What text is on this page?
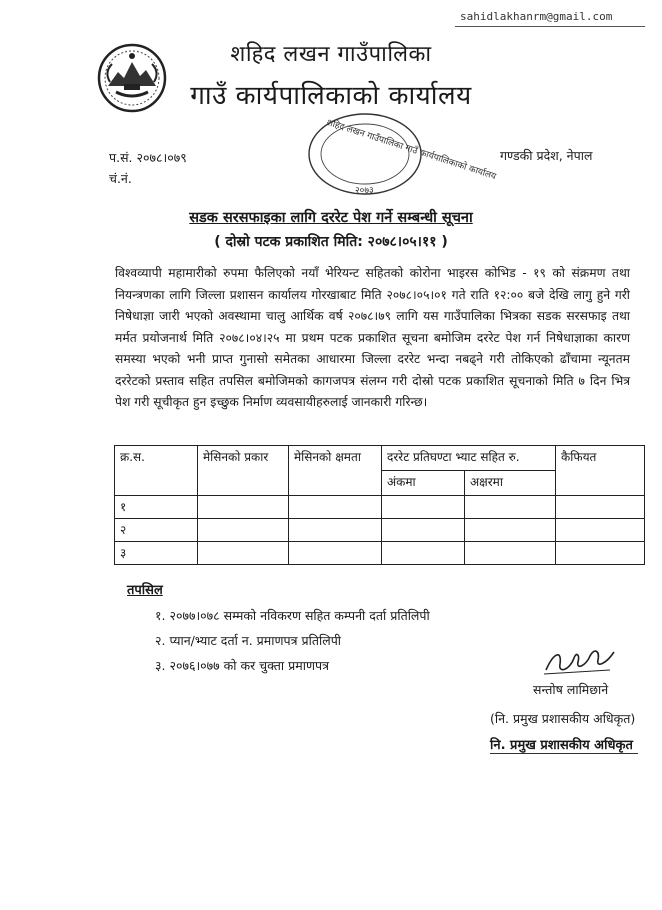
sahidlakhanrm@gmail.com
शहिद लखन गाउँपालिका
गाउँ कार्यपालिकाको कार्यालय
शहिद लखन गाउँपालिका गाउँ कार्यपालिकाको कार्यालय
२०७३
प.सं. २०७८।०७९
चं.नं.
गण्डकी प्रदेश, नेपाल
सडक सरसफाइका लागि दररेट पेश गर्ने सम्बन्धी सूचना
( दोस्रो पटक प्रकाशित मिति: २०७८।०५।११ )
विश्वव्यापी महामारीको रुपमा फैलिएको नयाँ भेरियन्ट सहितको कोरोना भाइरस कोभिड - १९ को संक्रमण तथा नियन्त्रणका लागि जिल्ला प्रशासन कार्यालय गोरखाबाट मिति २०७८।०५।०१ गते राति १२:०० बजे देखि लागु हुने गरी निषेधाज्ञा जारी भएको अवस्थामा चालु आर्थिक वर्ष २०७८।७९ लागि यस गाउँपालिका भित्रका सडक सरसफाइ तथा मर्मत प्रयोजनार्थ मिति २०७८।०४।२५ मा प्रथम पटक प्रकाशित सूचना बमोजिम दररेट पेश गर्न निषेधाज्ञाका कारण समस्या भएको भनी प्राप्त गुनासो समेतका आधारमा जिल्ला दररेट भन्दा नबढ्ने गरी तोकिएको ढाँचामा न्यूनतम दररेटको प्रस्ताव सहित तपसिल बमोजिमको कागजपत्र संलग्न गरी दोस्रो पटक प्रकाशित सूचनाको मिति ७ दिन भित्र पेश गरी सूचीकृत हुन इच्छुक निर्माण व्यवसायीहरुलाई जानकारी गरिन्छ।
क्र.स.	मेसिनको प्रकार	मेसिनको क्षमता	दररेट प्रतिघण्टा भ्याट सहित रु.		कैफियत
			अंकमा	अक्षरमा	
१					
२					
३					
तपसिल
१. २०७७।०७८ सम्मको नविकरण सहित कम्पनी दर्ता प्रतिलिपी
२. प्यान/भ्याट दर्ता न. प्रमाणपत्र प्रतिलिपी
३. २०७६।०७७ को कर चुक्ता प्रमाणपत्र
सन्तोष लामिछाने
(नि. प्रमुख प्रशासकीय अधिकृत)
नि. प्रमुख प्रशासकीय अधिकृत
